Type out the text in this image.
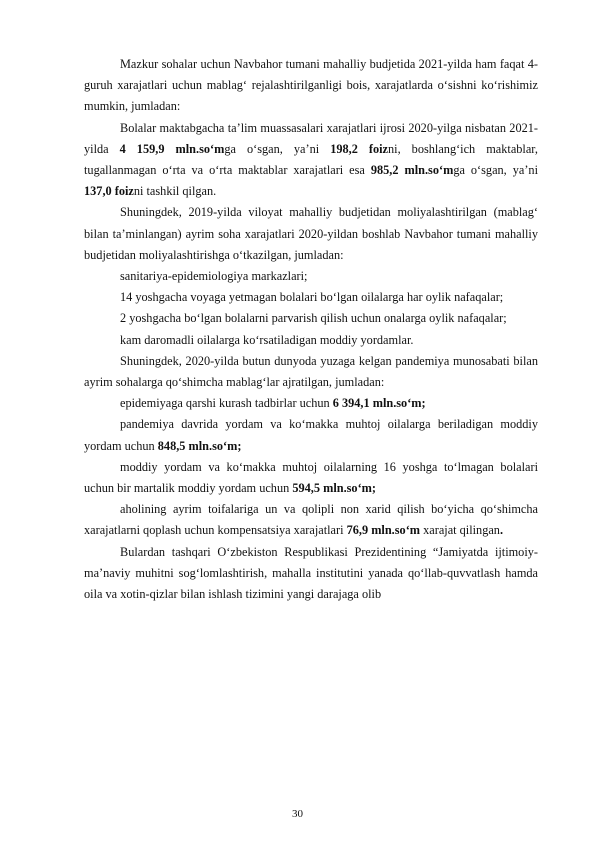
Mazkur sohalar uchun Navbahor tumani mahalliy budjetida 2021-yilda ham faqat 4-guruh xarajatlari uchun mablag‘ rejalashtirilganligi bois, xarajatlarda o‘sishni ko‘rishimiz mumkin, jumladan:

Bolalar maktabgacha ta’lim muassasalari xarajatlari ijrosi 2020-yilga nisbatan 2021-yilda 4 159,9 mln.so‘mga o‘sgan, ya’ni 198,2 foizni, boshlang‘ich maktablar, tugallanmagan o‘rta va o‘rta maktablar xarajatlari esa 985,2 mln.so‘mga o‘sgan, ya’ni 137,0 foizni tashkil qilgan.

Shuningdek, 2019-yilda viloyat mahalliy budjetidan moliyalashtirilgan (mablag‘ bilan ta’minlangan) ayrim soha xarajatlari 2020-yildan boshlab Navbahor tumani mahalliy budjetidan moliyalashtirishga o‘tkazilgan, jumladan:

sanitariya-epidemiologiya markazlari;

14 yoshgacha voyaga yetmagan bolalari bo‘lgan oilalarga har oylik nafaqalar;

2 yoshgacha bo‘lgan bolalarni parvarish qilish uchun onalarga oylik nafaqalar;

kam daromadli oilalarga ko‘rsatiladigan moddiy yordamlar.

Shuningdek, 2020-yilda butun dunyoda yuzaga kelgan pandemiya munosabati bilan ayrim sohalarga qo‘shimcha mablag‘lar ajratilgan, jumladan:

epidemiyaga qarshi kurash tadbirlar uchun 6 394,1 mln.so‘m;

pandemiya davrida yordam va ko‘makka muhtoj oilalarga beriladigan moddiy yordam uchun 848,5 mln.so‘m;

moddiy yordam va ko‘makka muhtoj oilalarning 16 yoshga to‘lmagan bolalari uchun bir martalik moddiy yordam uchun 594,5 mln.so‘m;

aholining ayrim toifalariga un va qolipli non xarid qilish bo‘yicha qo‘shimcha xarajatlarni qoplash uchun kompensatsiya xarajatlari 76,9 mln.so‘m xarajat qilingan.

Bulardan tashqari O‘zbekiston Respublikasi Prezidentining “Jamiyatda ijtimoiy-ma’naviy muhitni sog‘lomlashtirish, mahalla institutini yanada qo‘llab-quvvatlash hamda oila va xotin-qizlar bilan ishlash tizimini yangi darajaga olib

30
